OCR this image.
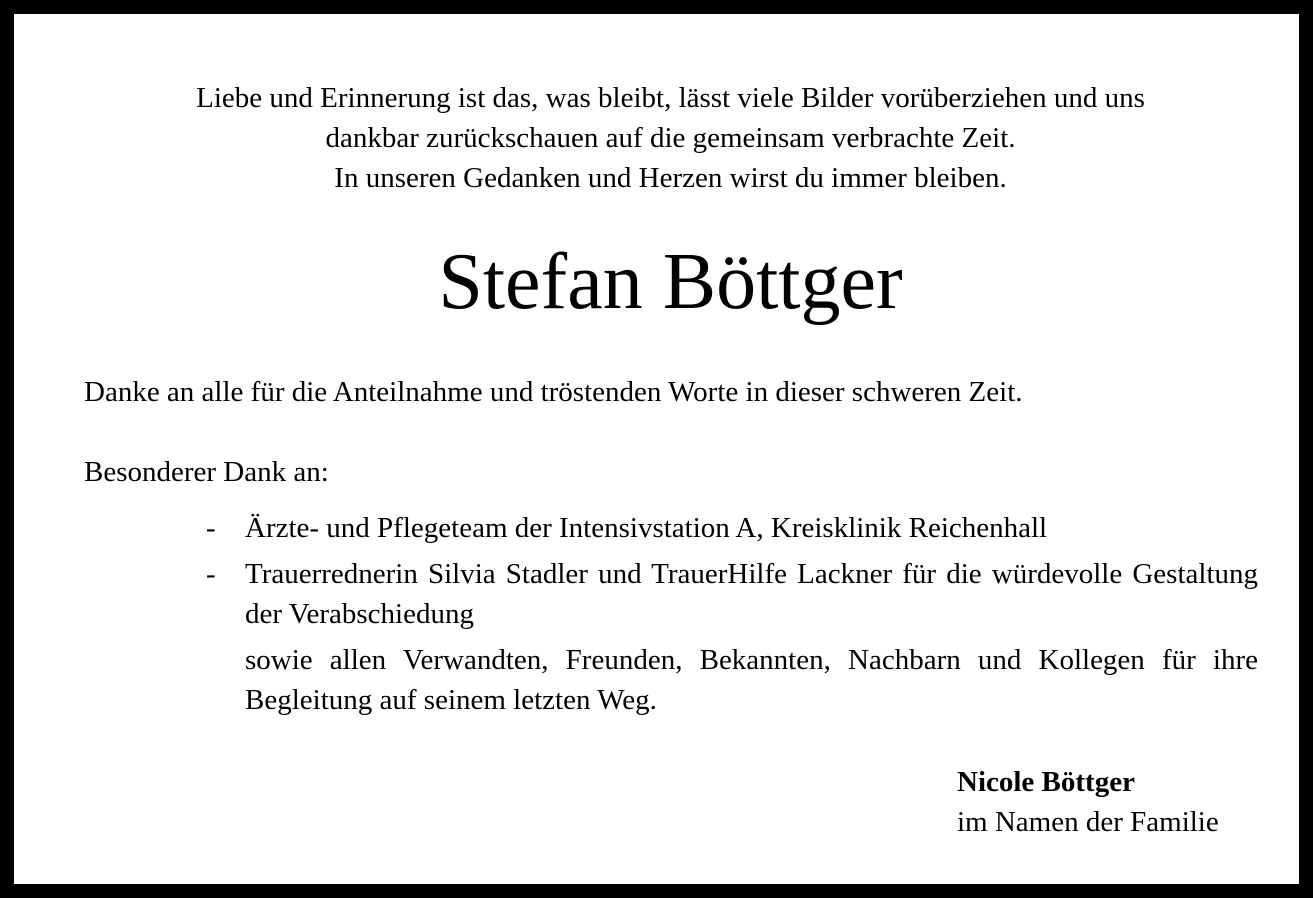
Liebe und Erinnerung ist das, was bleibt, lässt viele Bilder vorüberziehen und uns
dankbar zurückschauen auf die gemeinsam verbrachte Zeit.
In unseren Gedanken und Herzen wirst du immer bleiben.
Stefan Böttger
Danke an alle für die Anteilnahme und tröstenden Worte in dieser schweren Zeit.
Besonderer Dank an:
- Ärzte- und Pflegeteam der Intensivstation A, Kreisklinik Reichenhall
- Trauerrednerin Silvia Stadler und TrauerHilfe Lackner für die würdevolle Gestaltung der Verabschiedung
sowie allen Verwandten, Freunden, Bekannten, Nachbarn und Kollegen für ihre Begleitung auf seinem letzten Weg.
Nicole Böttger
im Namen der Familie
